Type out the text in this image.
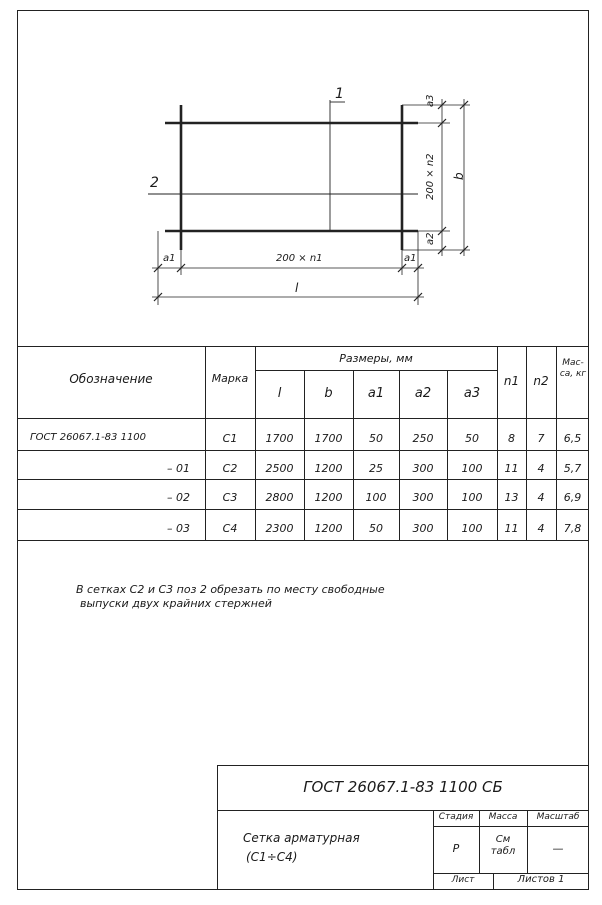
1
2
a1	200 × n1	a1
l
a3
200 × n2
a2
b
Обозначение	Марка
Размеры, мм
l	b	a1	a2	a3
n1	n2
Мас-са, кг
ГОСТ 26067.1-83 1100	С1	1700	1700	50	250	50	8	7	6,5
– 01	С2	2500	1200	25	300	100	11	4	5,7
– 02	С3	2800	1200	100	300	100	13	4	6,9
– 03	С4	2300	1200	50	300	100	11	4	7,8
В сетках С2 и С3 поз 2 обрезать по месту свободные
выпуски двух крайних стержней
ГОСТ 26067.1-83 1100 СБ
Сетка арматурная
(С1÷С4)
Стадия	Масса	Масштаб
Р
См табл	—
Лист	Листов 1
